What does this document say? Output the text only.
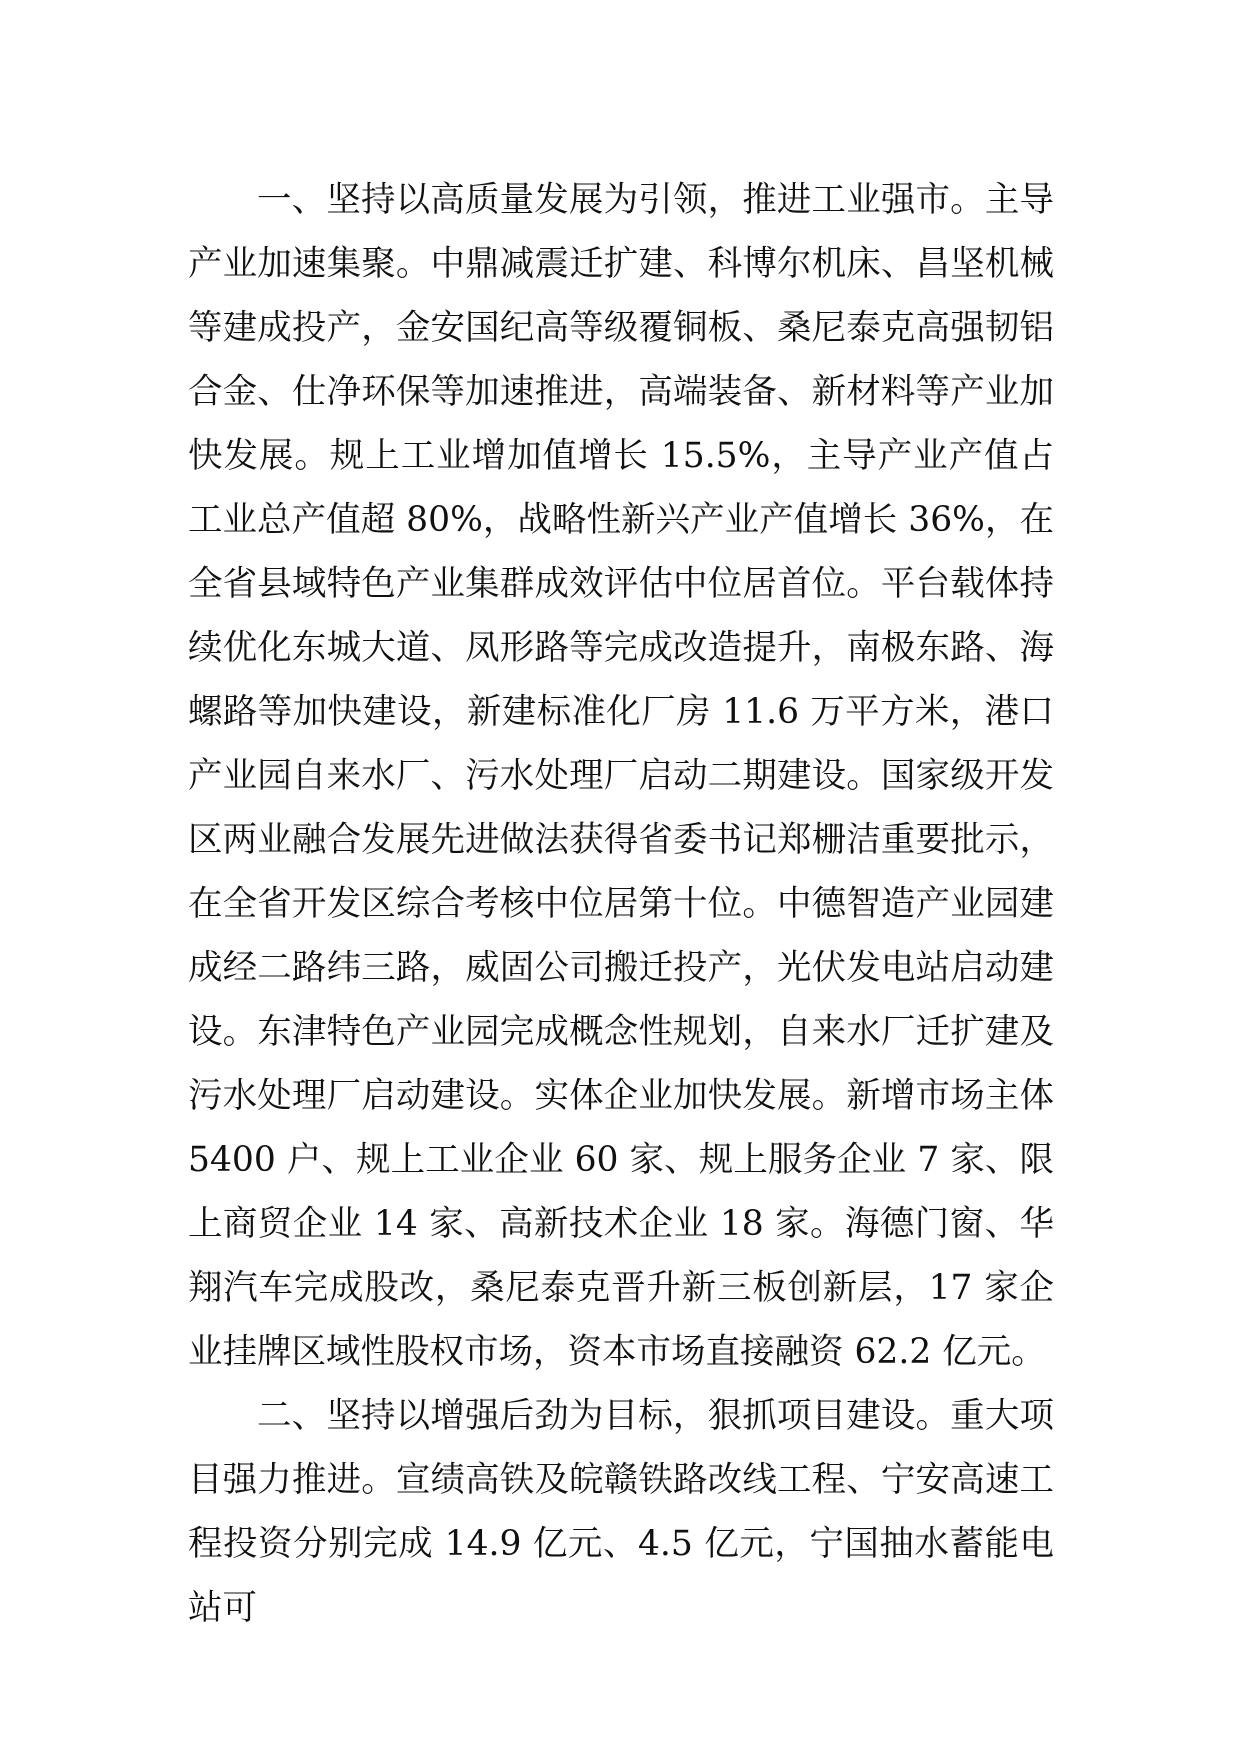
一、坚持以高质量发展为引领，推进工业强市。主导产业加速集聚。中鼎减震迁扩建、科博尔机床、昌坚机械等建成投产，金安国纪高等级覆铜板、桑尼泰克高强韧铝合金、仕净环保等加速推进，高端装备、新材料等产业加快发展。规上工业增加值增长 15.5%，主导产业产值占工业总产值超 80%，战略性新兴产业产值增长 36%，在全省县域特色产业集群成效评估中位居首位。平台载体持续优化东城大道、凤形路等完成改造提升，南极东路、海螺路等加快建设，新建标准化厂房 11.6 万平方米，港口产业园自来水厂、污水处理厂启动二期建设。国家级开发区两业融合发展先进做法获得省委书记郑栅洁重要批示，在全省开发区综合考核中位居第十位。中德智造产业园建成经二路纬三路，威固公司搬迁投产，光伏发电站启动建设。东津特色产业园完成概念性规划，自来水厂迁扩建及污水处理厂启动建设。实体企业加快发展。新增市场主体 5400 户、规上工业企业 60 家、规上服务企业 7 家、限上商贸企业 14 家、高新技术企业 18 家。海德门窗、华翔汽车完成股改，桑尼泰克晋升新三板创新层，17 家企业挂牌区域性股权市场，资本市场直接融资 62.2 亿元。

二、坚持以增强后劲为目标，狠抓项目建设。重大项目强力推进。宣绩高铁及皖赣铁路改线工程、宁安高速工程投资分别完成 14.9 亿元、4.5 亿元，宁国抽水蓄能电站可
